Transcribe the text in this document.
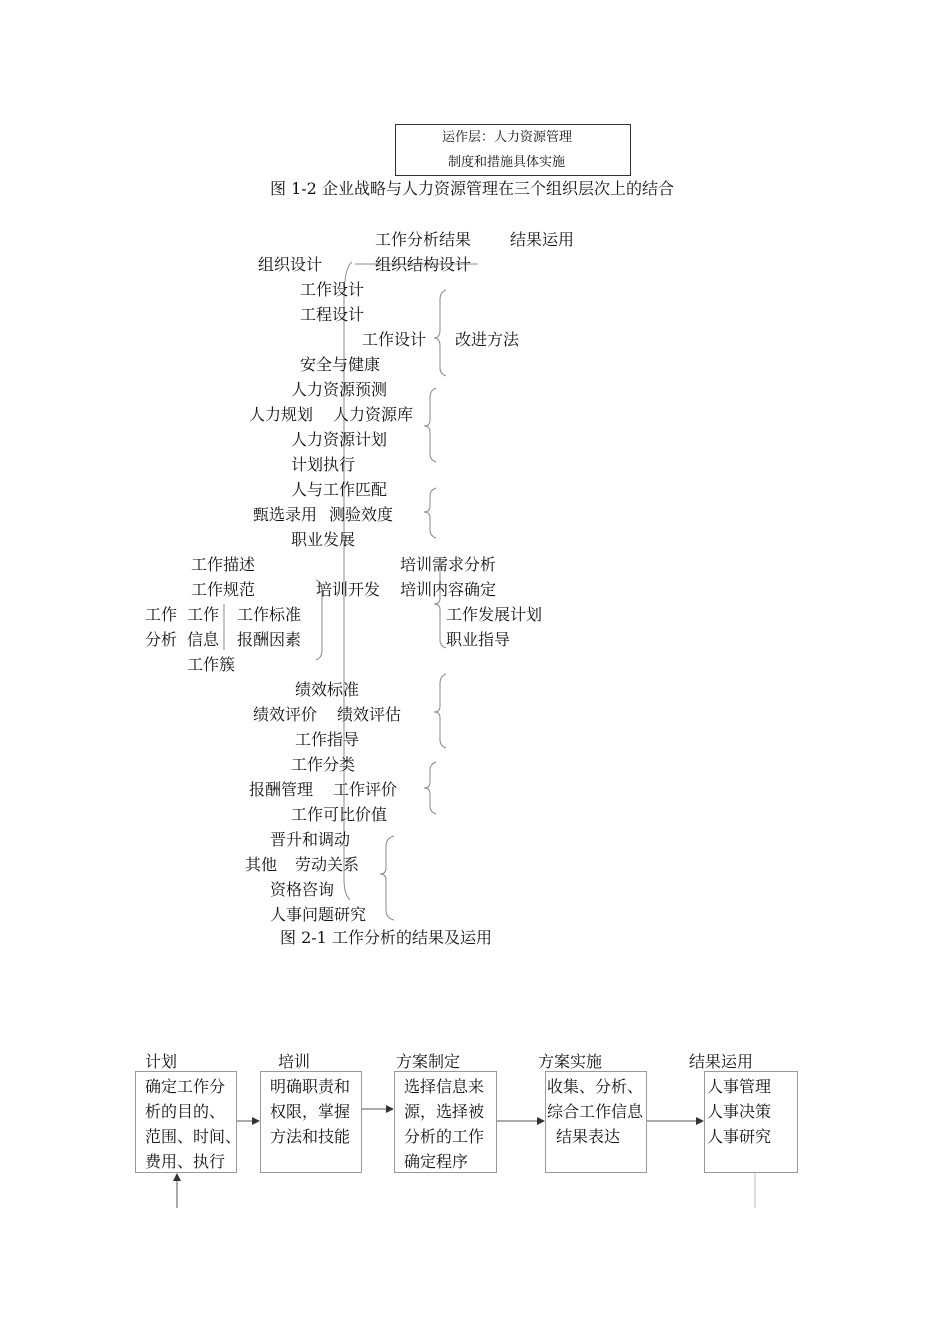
运作层：人力资源管理
制度和措施具体实施
图 1-2 企业战略与人力资源管理在三个组织层次上的结合
工作分析结果 结果运用
组织设计	组织结构设计
工作设计
工程设计
工作设计 改进方法
安全与健康
人力资源预测
人力规划 人力资源库
人力资源计划
计划执行
人与工作匹配
甄选录用 测验效度
职业发展
工作描述	培训需求分析
工作规范	培训开发 培训内容确定
工作 工作 工作标准	工作发展计划
分析 信息 报酬因素	职业指导
工作簇
绩效标准
绩效评价 绩效评估
工作指导
工作分类
报酬管理 工作评价
工作可比价值
晋升和调动
其他 劳动关系
资格咨询
人事问题研究
图 2-1 工作分析的结果及运用
计划	培训	方案制定	方案实施	结果运用
确定工作分
析的目的、
范围、时间、
费用、执行
明确职责和
权限，掌握
方法和技能
选择信息来
源，选择被
分析的工作
确定程序
收集、分析、
综合工作信息
结果表达
人事管理
人事决策
人事研究
